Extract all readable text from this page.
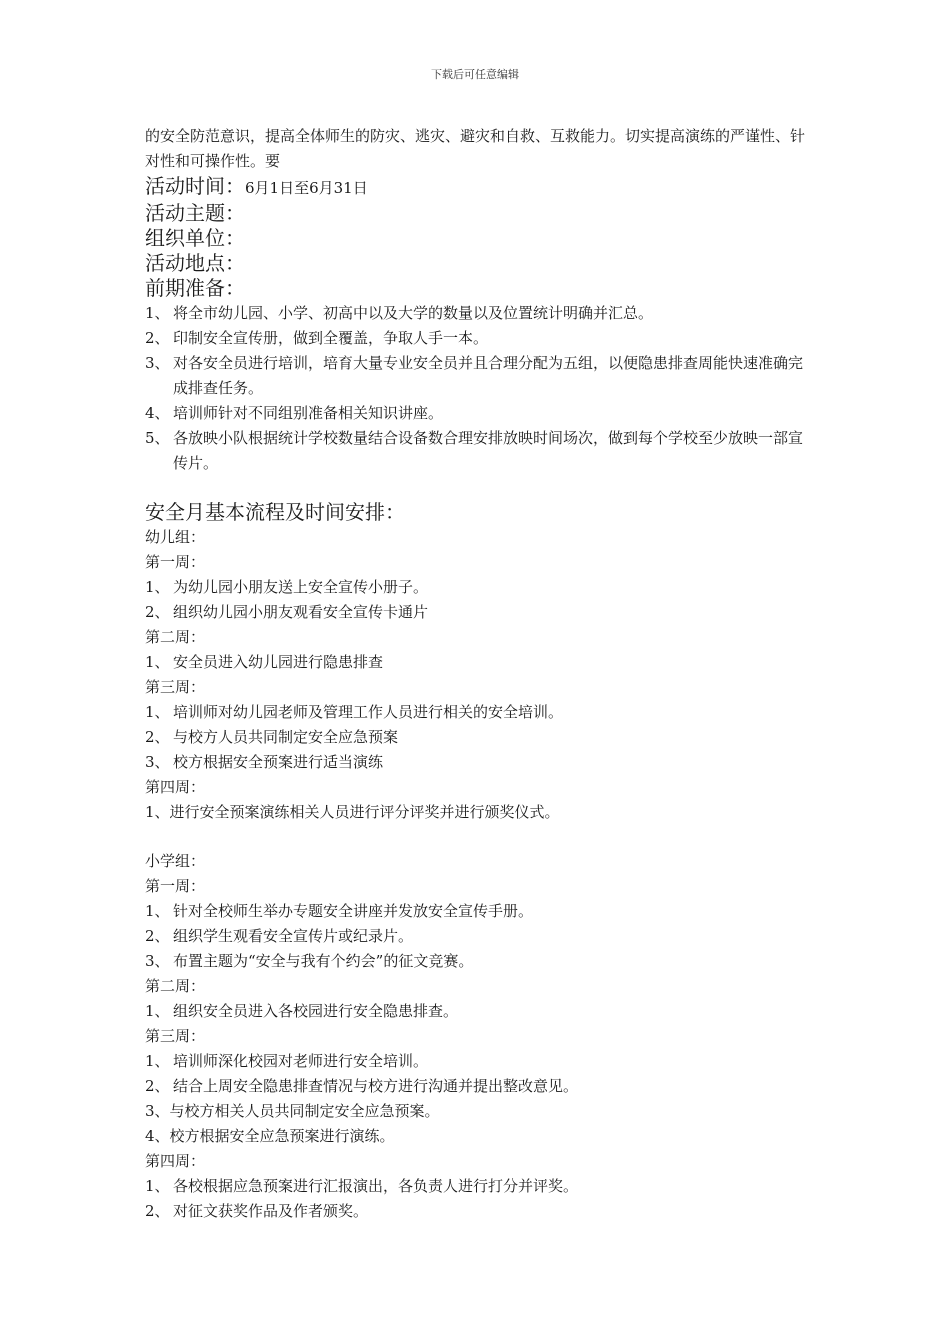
下载后可任意编辑

的安全防范意识，提高全体师生的防灾、逃灾、避灾和自救、互救能力。切实提高演练的严谨性、针对性和可操作性。要

活动时间：6月1日至6月31日

活动主题：

组织单位：

活动地点：

前期准备：

1、 将全市幼儿园、小学、初高中以及大学的数量以及位置统计明确并汇总。
2、 印制安全宣传册，做到全覆盖，争取人手一本。
3、 对各安全员进行培训，培育大量专业安全员并且合理分配为五组，以便隐患排查周能快速准确完成排查任务。
4、 培训师针对不同组别准备相关知识讲座。
5、 各放映小队根据统计学校数量结合设备数合理安排放映时间场次，做到每个学校至少放映一部宣传片。

安全月基本流程及时间安排：

幼儿组：

第一周：

1、 为幼儿园小朋友送上安全宣传小册子。
2、 组织幼儿园小朋友观看安全宣传卡通片

第二周：

1、 安全员进入幼儿园进行隐患排查

第三周：

1、 培训师对幼儿园老师及管理工作人员进行相关的安全培训。
2、 与校方人员共同制定安全应急预案
3、 校方根据安全预案进行适当演练

第四周：

1、进行安全预案演练相关人员进行评分评奖并进行颁奖仪式。

小学组：

第一周：

1、 针对全校师生举办专题安全讲座并发放安全宣传手册。
2、 组织学生观看安全宣传片或纪录片。
3、 布置主题为“安全与我有个约会”的征文竞赛。

第二周：

1、 组织安全员进入各校园进行安全隐患排查。

第三周：

1、 培训师深化校园对老师进行安全培训。
2、 结合上周安全隐患排查情况与校方进行沟通并提出整改意见。

3、与校方相关人员共同制定安全应急预案。

4、校方根据安全应急预案进行演练。

第四周：

1、 各校根据应急预案进行汇报演出，各负责人进行打分并评奖。
2、 对征文获奖作品及作者颁奖。
